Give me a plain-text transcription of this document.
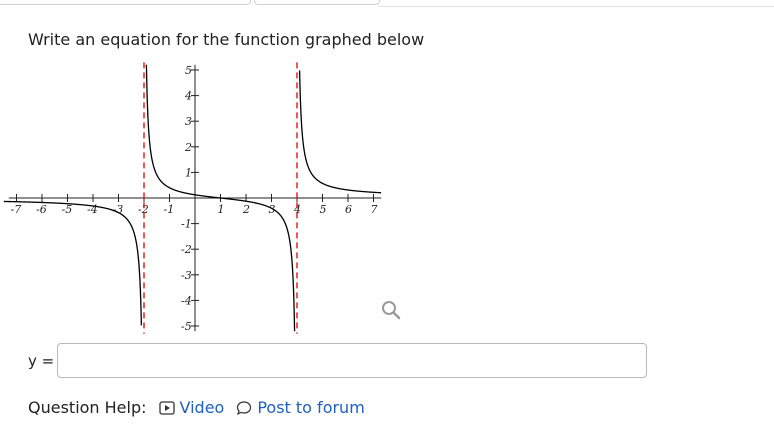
Write an equation for the function graphed below
-7 -6 -5 -4 -3 -2 -1	1 2 3 4 5 6 7
5
4
3
2
1
-1
-2
-3
-4
-5
y =
Question Help: Video Post to forum
